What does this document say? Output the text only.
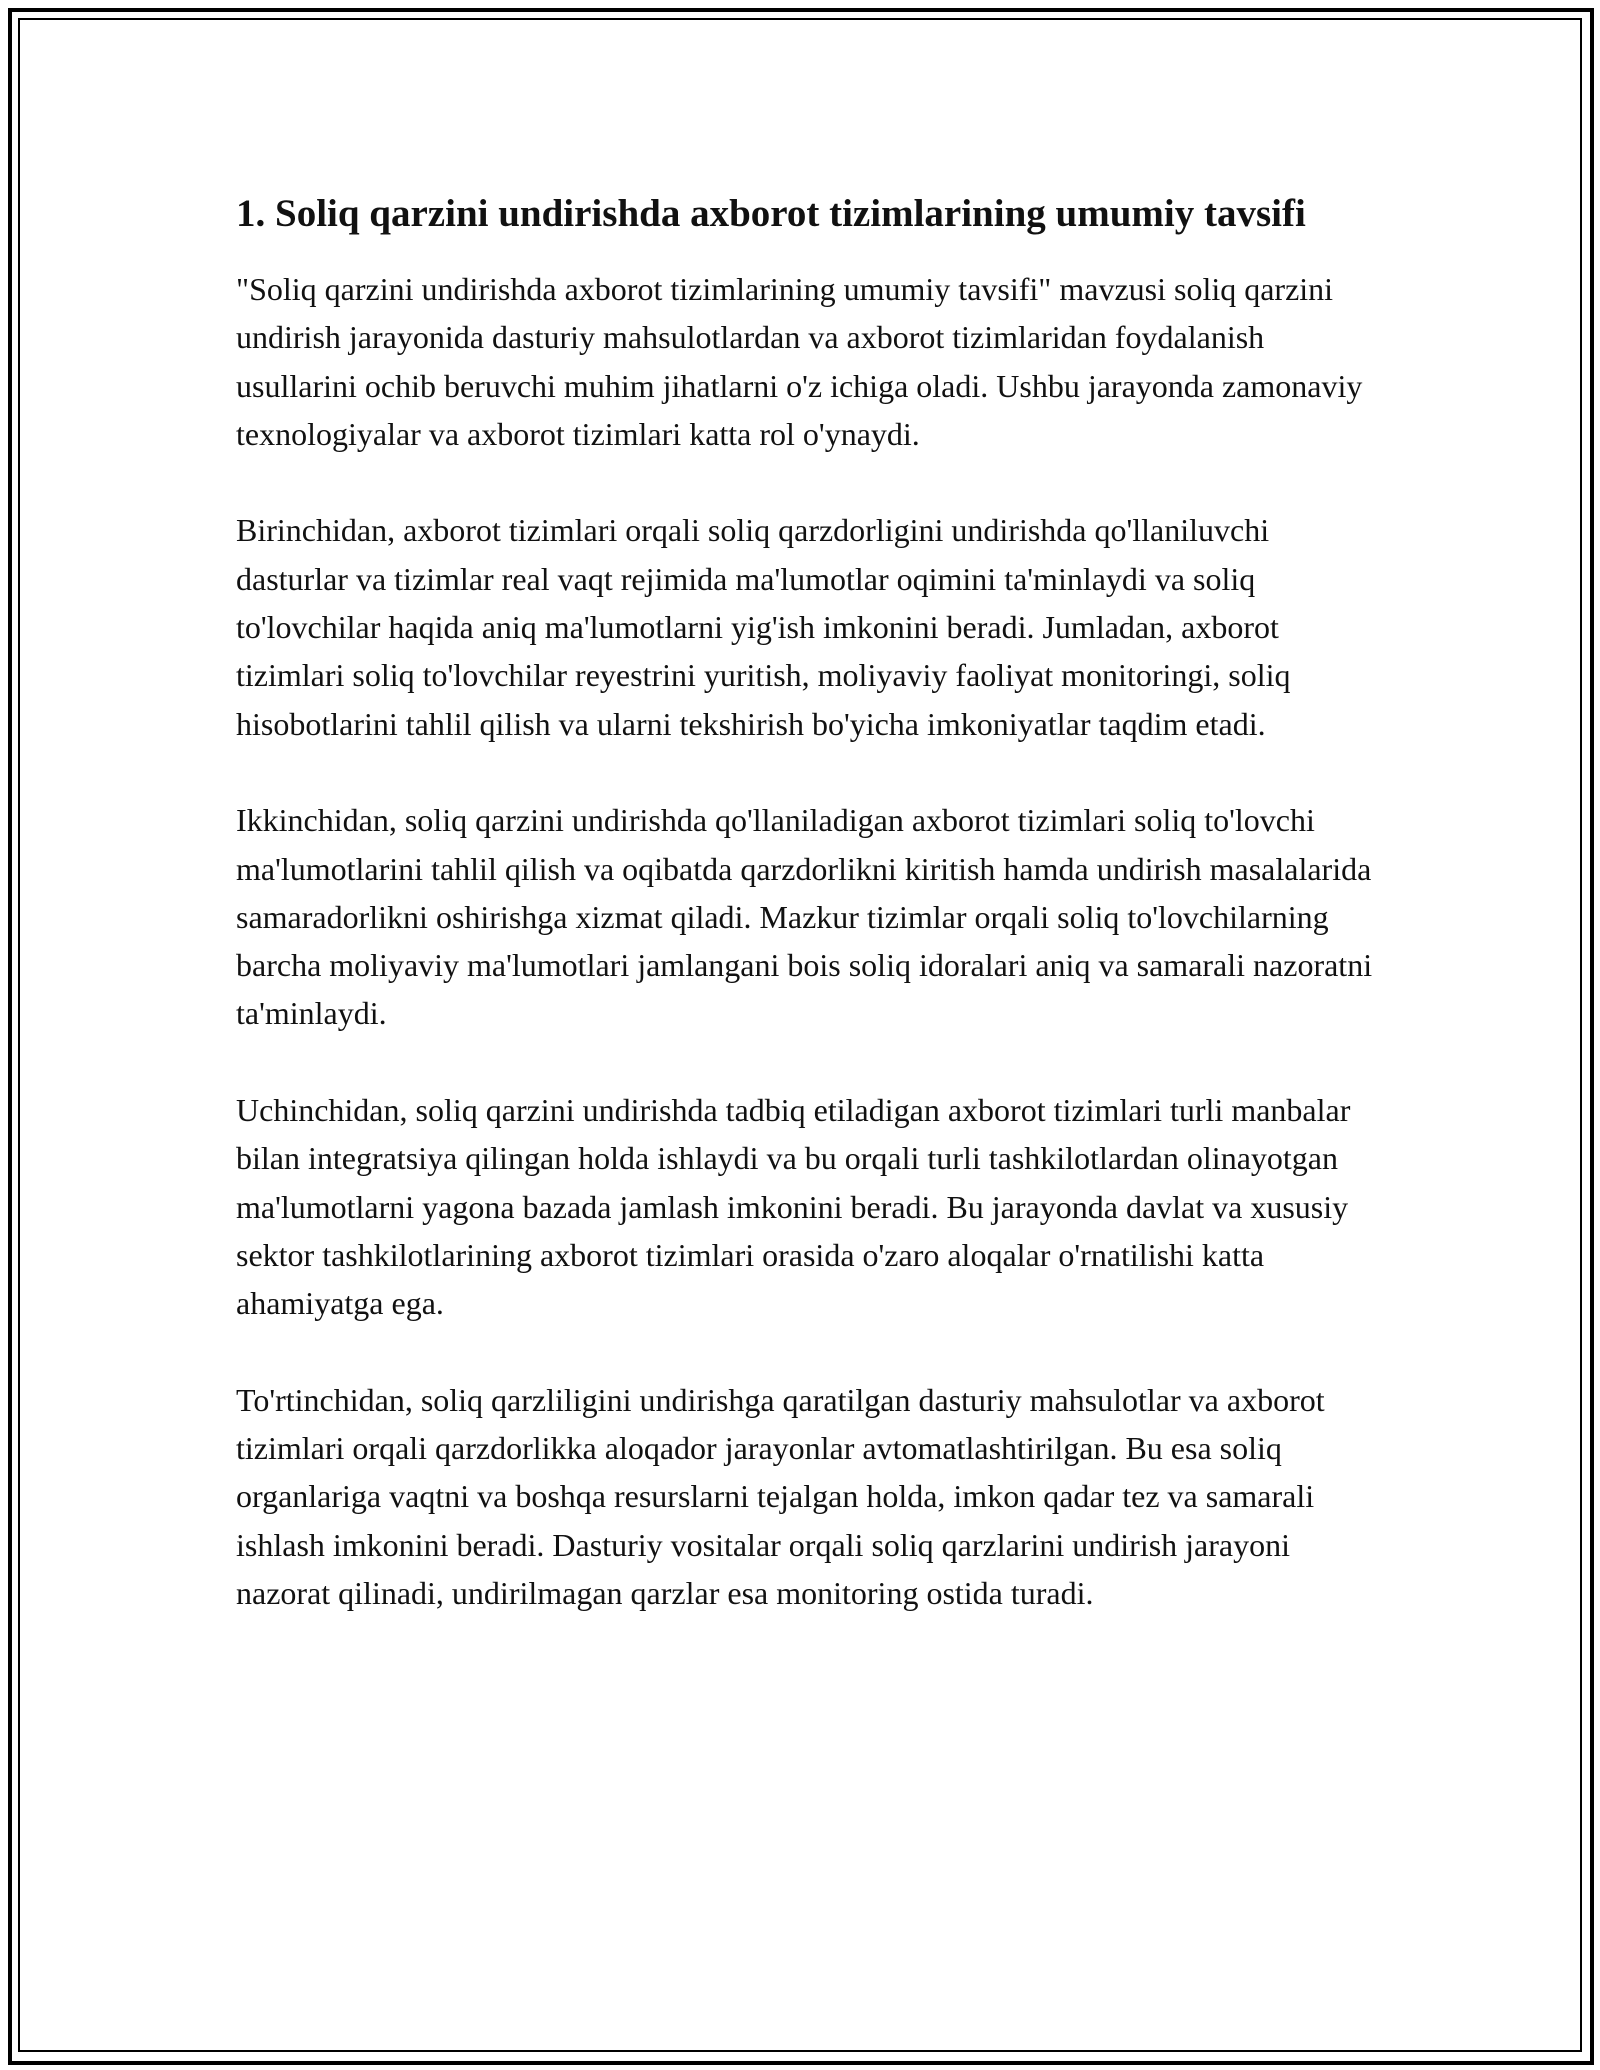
1. Soliq qarzini undirishda axborot tizimlarining umumiy tavsifi

"Soliq qarzini undirishda axborot tizimlarining umumiy tavsifi" mavzusi soliq qarzini undirish jarayonida dasturiy mahsulotlardan va axborot tizimlaridan foydalanish usullarini ochib beruvchi muhim jihatlarni o'z ichiga oladi. Ushbu jarayonda zamonaviy texnologiyalar va axborot tizimlari katta rol o'ynaydi.

Birinchidan, axborot tizimlari orqali soliq qarzdorligini undirishda qo'llaniluvchi dasturlar va tizimlar real vaqt rejimida ma'lumotlar oqimini ta'minlaydi va soliq to'lovchilar haqida aniq ma'lumotlarni yig'ish imkonini beradi. Jumladan, axborot tizimlari soliq to'lovchilar reyestrini yuritish, moliyaviy faoliyat monitoringi, soliq hisobotlarini tahlil qilish va ularni tekshirish bo'yicha imkoniyatlar taqdim etadi.

Ikkinchidan, soliq qarzini undirishda qo'llaniladigan axborot tizimlari soliq to'lovchi ma'lumotlarini tahlil qilish va oqibatda qarzdorlikni kiritish hamda undirish masalalarida samaradorlikni oshirishga xizmat qiladi. Mazkur tizimlar orqali soliq to'lovchilarning barcha moliyaviy ma'lumotlari jamlangani bois soliq idoralari aniq va samarali nazoratni ta'minlaydi.

Uchinchidan, soliq qarzini undirishda tadbiq etiladigan axborot tizimlari turli manbalar bilan integratsiya qilingan holda ishlaydi va bu orqali turli tashkilotlardan olinayotgan ma'lumotlarni yagona bazada jamlash imkonini beradi. Bu jarayonda davlat va xususiy sektor tashkilotlarining axborot tizimlari orasida o'zaro aloqalar o'rnatilishi katta ahamiyatga ega.

To'rtinchidan, soliq qarzliligini undirishga qaratilgan dasturiy mahsulotlar va axborot tizimlari orqali qarzdorlikka aloqador jarayonlar avtomatlashtirilgan. Bu esa soliq organlariga vaqtni va boshqa resurslarni tejalgan holda, imkon qadar tez va samarali ishlash imkonini beradi. Dasturiy vositalar orqali soliq qarzlarini undirish jarayoni nazorat qilinadi, undirilmagan qarzlar esa monitoring ostida turadi.
